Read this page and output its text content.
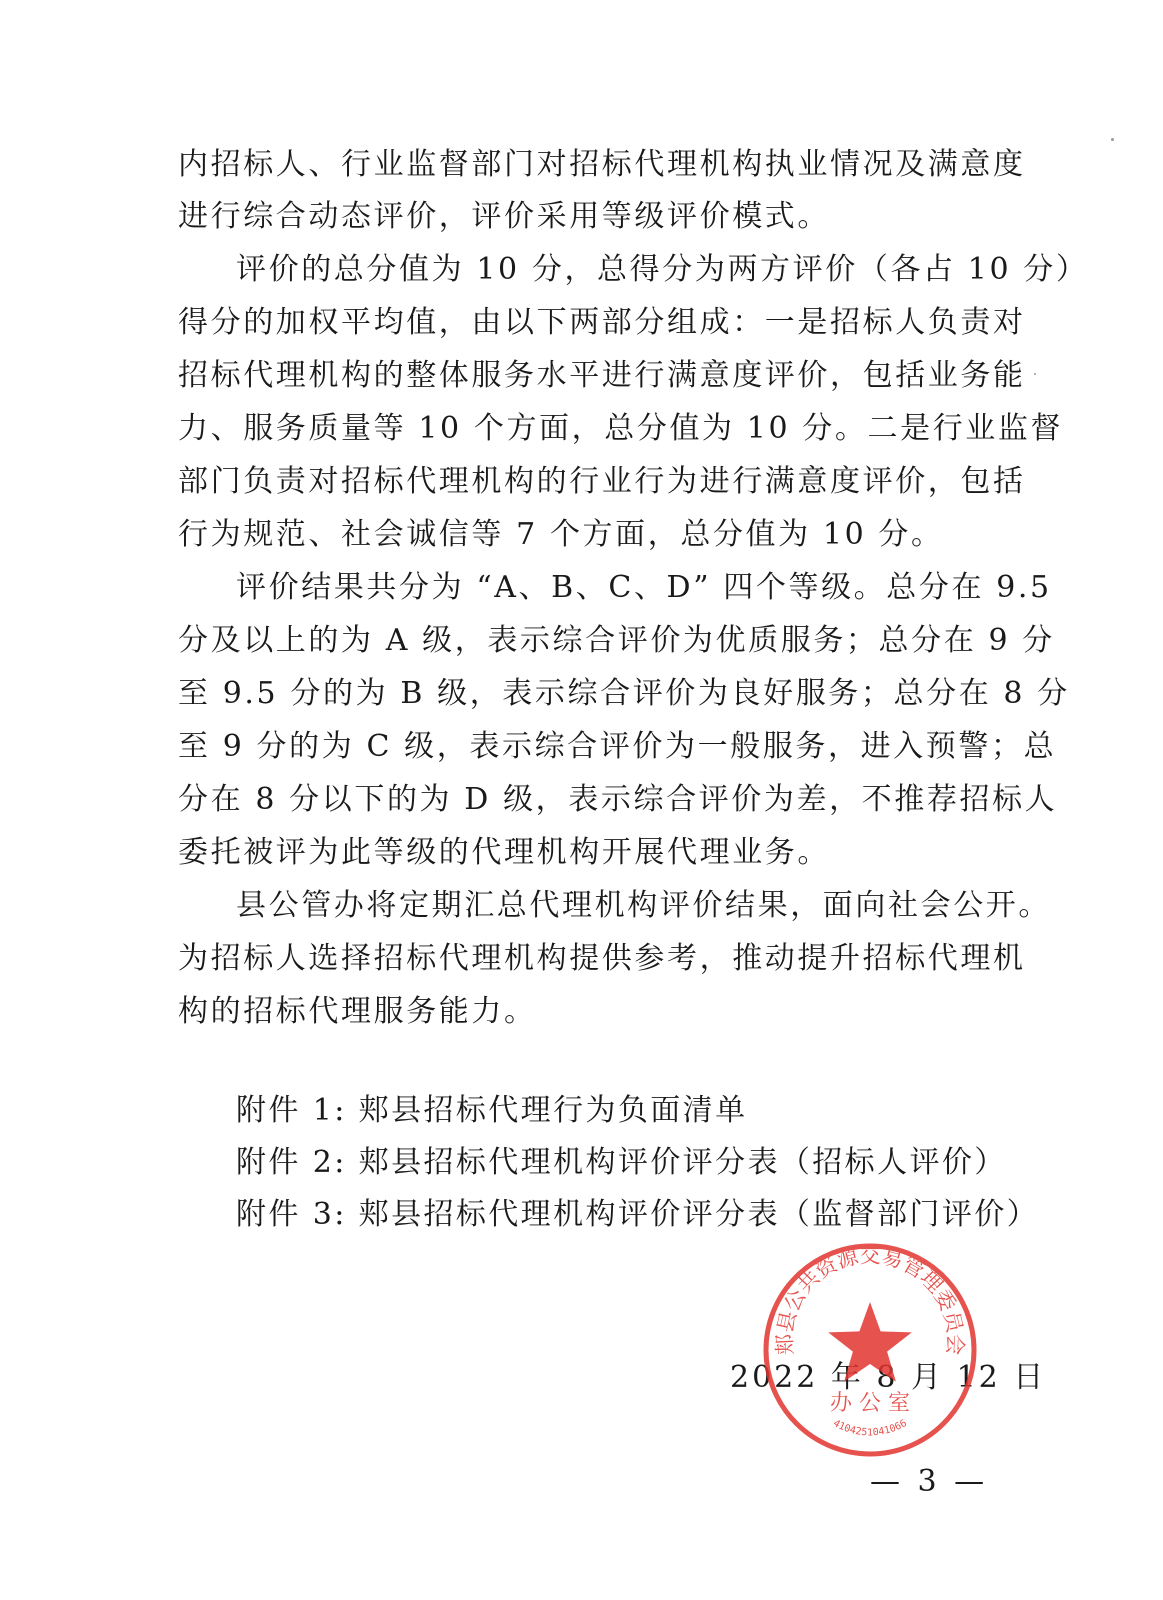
内招标人、行业监督部门对招标代理机构执业情况及满意度
进行综合动态评价，评价采用等级评价模式。
评价的总分值为 10 分，总得分为两方评价（各占 10 分）
得分的加权平均值，由以下两部分组成：一是招标人负责对
招标代理机构的整体服务水平进行满意度评价，包括业务能
力、服务质量等 10 个方面，总分值为 10 分。二是行业监督
部门负责对招标代理机构的行业行为进行满意度评价，包括
行为规范、社会诚信等 7 个方面，总分值为 10 分。
评价结果共分为 “A、B、C、D” 四个等级。总分在 9.5
分及以上的为 A 级，表示综合评价为优质服务；总分在 9 分
至 9.5 分的为 B 级，表示综合评价为良好服务；总分在 8 分
至 9 分的为 C 级，表示综合评价为一般服务，进入预警；总
分在 8 分以下的为 D 级，表示综合评价为差，不推荐招标人
委托被评为此等级的代理机构开展代理业务。
县公管办将定期汇总代理机构评价结果，面向社会公开。
为招标人选择招标代理机构提供参考，推动提升招标代理机
构的招标代理服务能力。
附件 1: 郏县招标代理行为负面清单
附件 2: 郏县招标代理机构评价评分表（招标人评价）
附件 3: 郏县招标代理机构评价评分表（监督部门评价）
2022 年 8 月 12 日
郏县公共资源交易管理委员会
办 公 室
4104251041066
— 3 —
